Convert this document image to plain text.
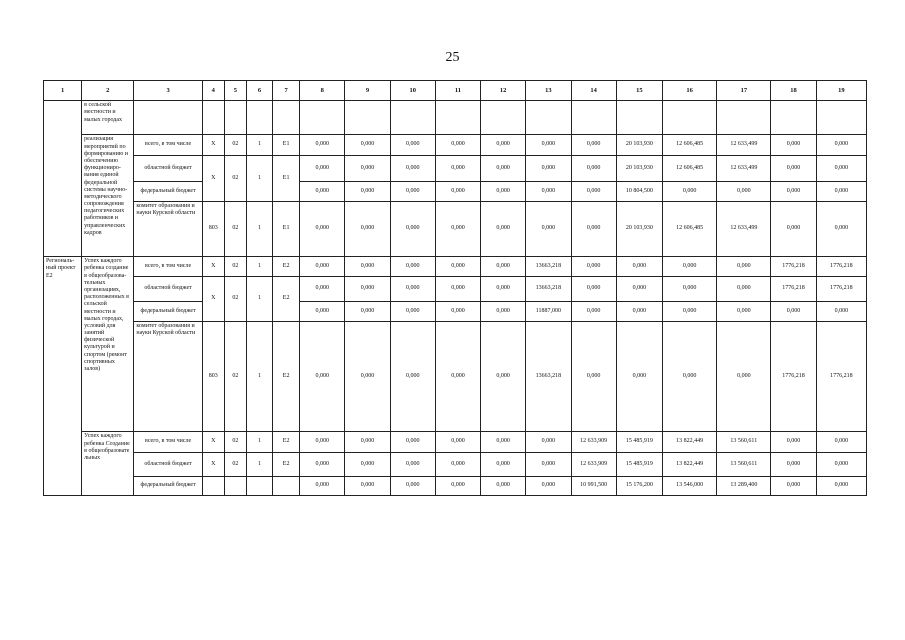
25
1	2	3	4	5	6	7	8	9	10	11	12	13	14	15	16	17	18	19
	в сельской местности и малых городах																	
	реализация мероприятий по формированию и обеспечению функциониро-вания единой федеральной системы научно-методического сопровождения педагогических работников и управленческих кадров	всего, в том числе	X	02	1	E1	0,000	0,000	0,000	0,000	0,000	0,000	0,000	20 103,930	12 606,485	12 633,499	0,000	0,000
		областной бюджет	X	02	1	E1	0,000	0,000	0,000	0,000	0,000	0,000	0,000	20 103,930	12 606,485	12 633,499	0,000	0,000
		федеральный бюджет					0,000	0,000	0,000	0,000	0,000	0,000	0,000	10 804,500	0,000	0,000	0,000	0,000
		комитет образования и науки Курской области	803	02	1	E1	0,000	0,000	0,000	0,000	0,000	0,000	0,000	20 103,930	12 606,485	12 633,499	0,000	0,000
Региональ-ный проект E2	Успех каждого ребенка создание в общеобразова-тельных организациях, расположенных в сельской местности и малых городах, условий для занятий физической культурой и спортом (ремонт спортивных залов)	всего, в том числе	X	02	1	E2	0,000	0,000	0,000	0,000	0,000	13663,218	0,000	0,000	0,000	0,000	1776,218	1776,218
		областной бюджет	X	02	1	E2	0,000	0,000	0,000	0,000	0,000	13663,218	0,000	0,000	0,000	0,000	1776,218	1776,218
		федеральный бюджет					0,000	0,000	0,000	0,000	0,000	11887,000	0,000	0,000	0,000	0,000	0,000	0,000
		комитет образования и науки Курской области	803	02	1	E2	0,000	0,000	0,000	0,000	0,000	13663,218	0,000	0,000	0,000	0,000	1776,218	1776,218
	Успех каждого ребенка Создание в общеобразовате льных	всего, в том числе	X	02	1	E2	0,000	0,000	0,000	0,000	0,000	0,000	12 633,909	15 485,919	13 822,449	13 560,611	0,000	0,000
		областной бюджет	X	02	1	E2	0,000	0,000	0,000	0,000	0,000	0,000	12 633,909	15 485,919	13 822,449	13 560,611	0,000	0,000
		федеральный бюджет					0,000	0,000	0,000	0,000	0,000	0,000	10 991,500	15 176,200	13 546,000	13 289,400	0,000	0,000
